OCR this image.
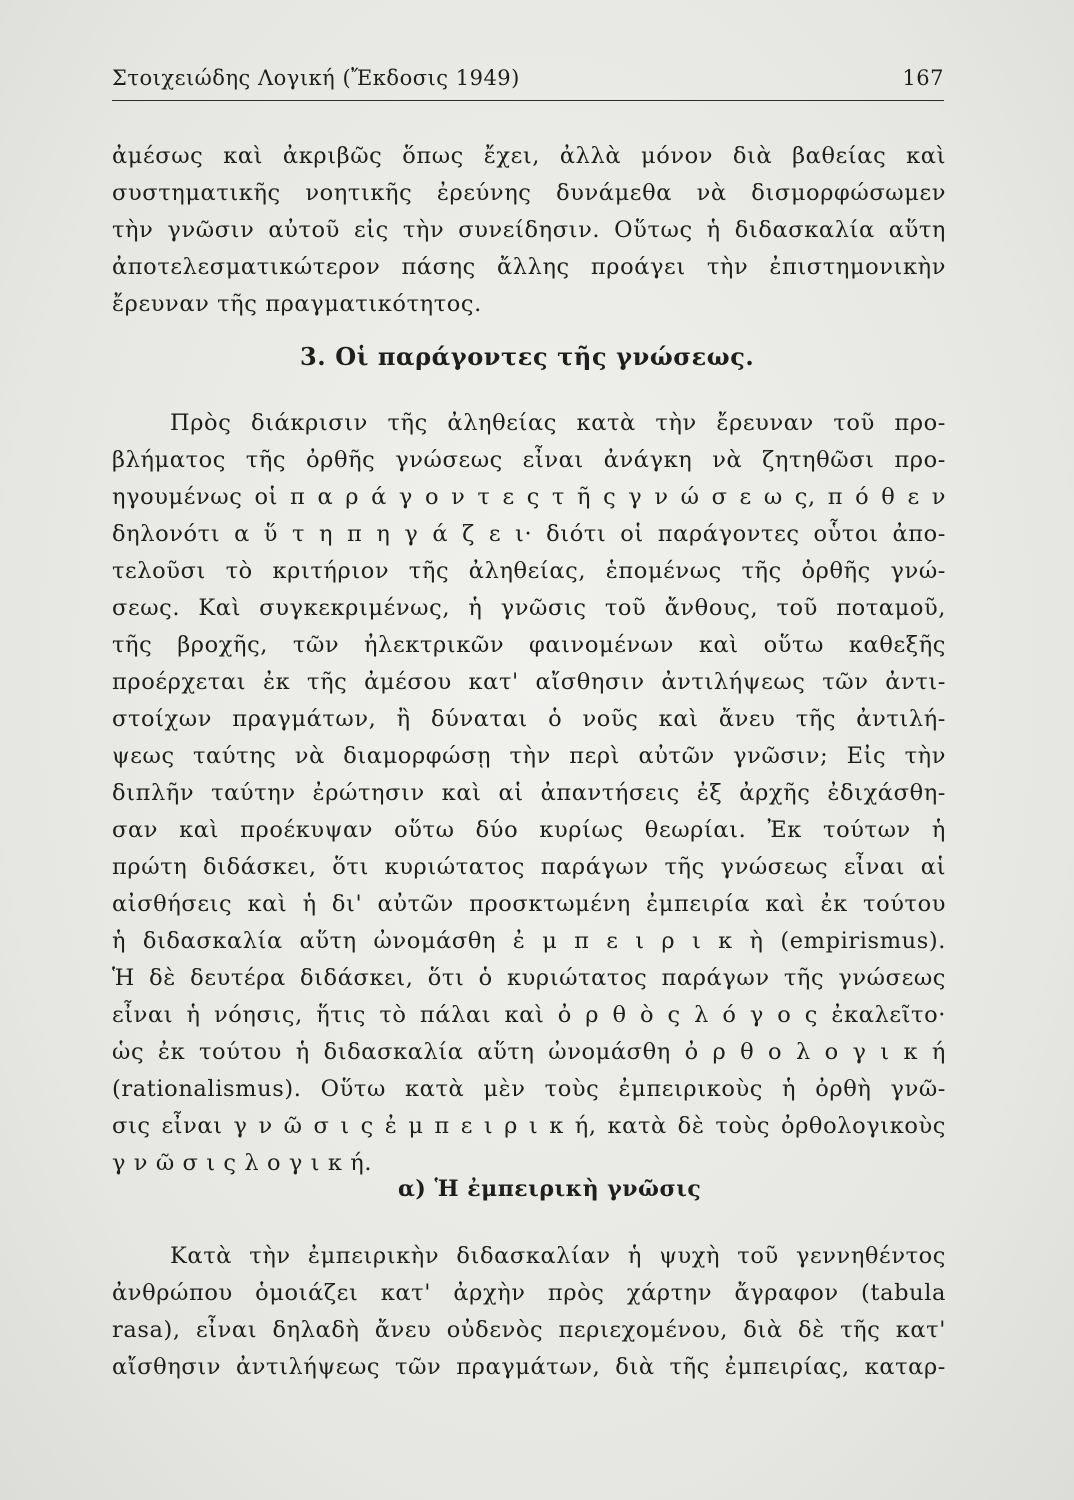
Στοιχειώδης Λογική (Ἔκδοσις 1949)	167
ἀμέσως καὶ ἀκριβῶς ὅπως ἔχει, ἀλλὰ μόνον διὰ βαθείας καὶ
συστηματικῆς νοητικῆς ἐρεύνης δυνάμεθα νὰ δισμορφώσωμεν
τὴν γνῶσιν αὐτοῦ εἰς τὴν συνείδησιν. Οὕτως ἡ διδασκαλία αὕτη
ἀποτελεσματικώτερον πάσης ἄλλης προάγει τὴν ἐπιστημονικὴν
ἔρευναν τῆς πραγματικότητος.
3. Οἱ παράγοντες τῆς γνώσεως.
Πρὸς διάκρισιν τῆς ἀληθείας κατὰ τὴν ἔρευναν τοῦ προ-
βλήματος τῆς ὀρθῆς γνώσεως εἶναι ἀνάγκη νὰ ζητηθῶσι προ-
ηγουμένως οἱ π α ρ ά γ ο ν τ ε ς τ ῆ ς γ ν ώ σ ε ω ς, π ό θ ε ν
δηλονότι α ὕ τ η π η γ ά ζ ε ι· διότι οἱ παράγοντες οὗτοι ἀπο-
τελοῦσι τὸ κριτήριον τῆς ἀληθείας, ἑπομένως τῆς ὀρθῆς γνώ-
σεως. Καὶ συγκεκριμένως, ἡ γνῶσις τοῦ ἄνθους, τοῦ ποταμοῦ,
τῆς βροχῆς, τῶν ἠλεκτρικῶν φαινομένων καὶ οὕτω καθεξῆς
προέρχεται ἐκ τῆς ἀμέσου κατ' αἴσθησιν ἀντιλήψεως τῶν ἀντι-
στοίχων πραγμάτων, ἢ δύναται ὁ νοῦς καὶ ἄνευ τῆς ἀντιλή-
ψεως ταύτης νὰ διαμορφώσῃ τὴν περὶ αὐτῶν γνῶσιν; Εἰς τὴν
διπλῆν ταύτην ἐρώτησιν καὶ αἱ ἀπαντήσεις ἐξ ἀρχῆς ἐδιχάσθη-
σαν καὶ προέκυψαν οὕτω δύο κυρίως θεωρίαι. Ἐκ τούτων ἡ
πρώτη διδάσκει, ὅτι κυριώτατος παράγων τῆς γνώσεως εἶναι αἱ
αἰσθήσεις καὶ ἡ δι' αὐτῶν προσκτωμένη ἐμπειρία καὶ ἐκ τούτου
ἡ διδασκαλία αὕτη ὠνομάσθη ἐ μ π ε ι ρ ι κ ὴ (empirismus).
Ἡ δὲ δευτέρα διδάσκει, ὅτι ὁ κυριώτατος παράγων τῆς γνώσεως
εἶναι ἡ νόησις, ἥτις τὸ πάλαι καὶ ὀ ρ θ ὸ ς λ ό γ ο ς ἐκαλεῖτο·
ὡς ἐκ τούτου ἡ διδασκαλία αὕτη ὠνομάσθη ὀ ρ θ ο λ ο γ ι κ ή
(rationalismus). Οὕτω κατὰ μὲν τοὺς ἐμπειρικοὺς ἡ ὀρθὴ γνῶ-
σις εἶναι γ ν ῶ σ ι ς ἐ μ π ε ι ρ ι κ ή, κατὰ δὲ τοὺς ὀρθολογικοὺς
γ ν ῶ σ ι ς λ ο γ ι κ ή.
α) Ἡ ἐμπειρικὴ γνῶσις
Κατὰ τὴν ἐμπειρικὴν διδασκαλίαν ἡ ψυχὴ τοῦ γεννηθέντος
ἀνθρώπου ὁμοιάζει κατ' ἀρχὴν πρὸς χάρτην ἄγραφον (tabula
rasa), εἶναι δηλαδὴ ἄνευ οὐδενὸς περιεχομένου, διὰ δὲ τῆς κατ'
αἴσθησιν ἀντιλήψεως τῶν πραγμάτων, διὰ τῆς ἐμπειρίας, καταρ-
